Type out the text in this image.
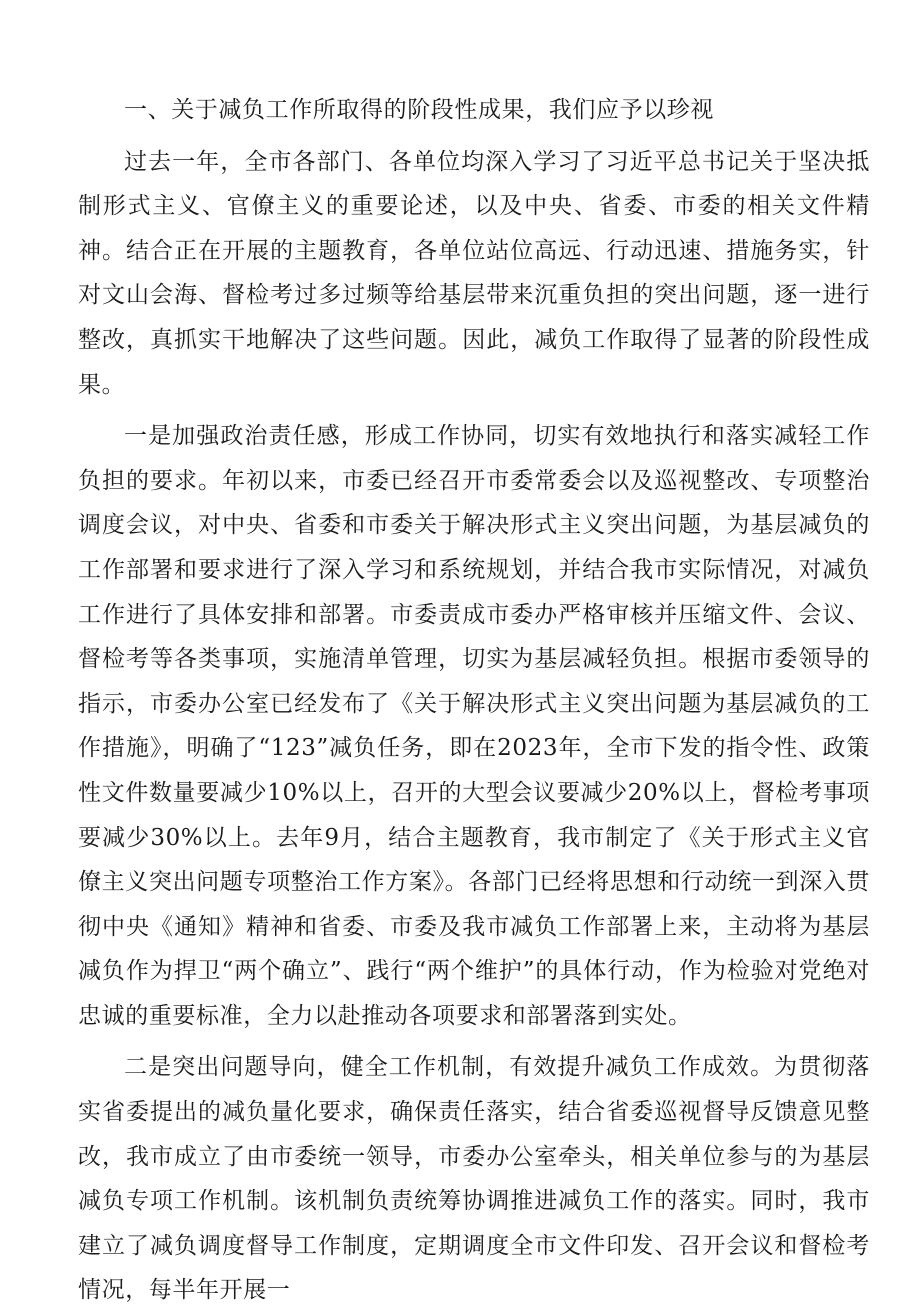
一、关于减负工作所取得的阶段性成果，我们应予以珍视

过去一年，全市各部门、各单位均深入学习了习近平总书记关于坚决抵制形式主义、官僚主义的重要论述，以及中央、省委、市委的相关文件精神。结合正在开展的主题教育，各单位站位高远、行动迅速、措施务实，针对文山会海、督检考过多过频等给基层带来沉重负担的突出问题，逐一进行整改，真抓实干地解决了这些问题。因此，减负工作取得了显著的阶段性成果。

一是加强政治责任感，形成工作协同，切实有效地执行和落实减轻工作负担的要求。年初以来，市委已经召开市委常委会以及巡视整改、专项整治调度会议，对中央、省委和市委关于解决形式主义突出问题，为基层减负的工作部署和要求进行了深入学习和系统规划，并结合我市实际情况，对减负工作进行了具体安排和部署。市委责成市委办严格审核并压缩文件、会议、督检考等各类事项，实施清单管理，切实为基层减轻负担。根据市委领导的指示，市委办公室已经发布了《关于解决形式主义突出问题为基层减负的工作措施》，明确了“123”减负任务，即在2023年，全市下发的指令性、政策性文件数量要减少10%以上，召开的大型会议要减少20%以上，督检考事项要减少30%以上。去年9月，结合主题教育，我市制定了《关于形式主义官僚主义突出问题专项整治工作方案》。各部门已经将思想和行动统一到深入贯彻中央《通知》精神和省委、市委及我市减负工作部署上来，主动将为基层减负作为捍卫“两个确立”、践行“两个维护”的具体行动，作为检验对党绝对忠诚的重要标准，全力以赴推动各项要求和部署落到实处。

二是突出问题导向，健全工作机制，有效提升减负工作成效。为贯彻落实省委提出的减负量化要求，确保责任落实，结合省委巡视督导反馈意见整改，我市成立了由市委统一领导，市委办公室牵头，相关单位参与的为基层减负专项工作机制。该机制负责统筹协调推进减负工作的落实。同时，我市建立了减负调度督导工作制度，定期调度全市文件印发、召开会议和督检考情况，每半年开展一
